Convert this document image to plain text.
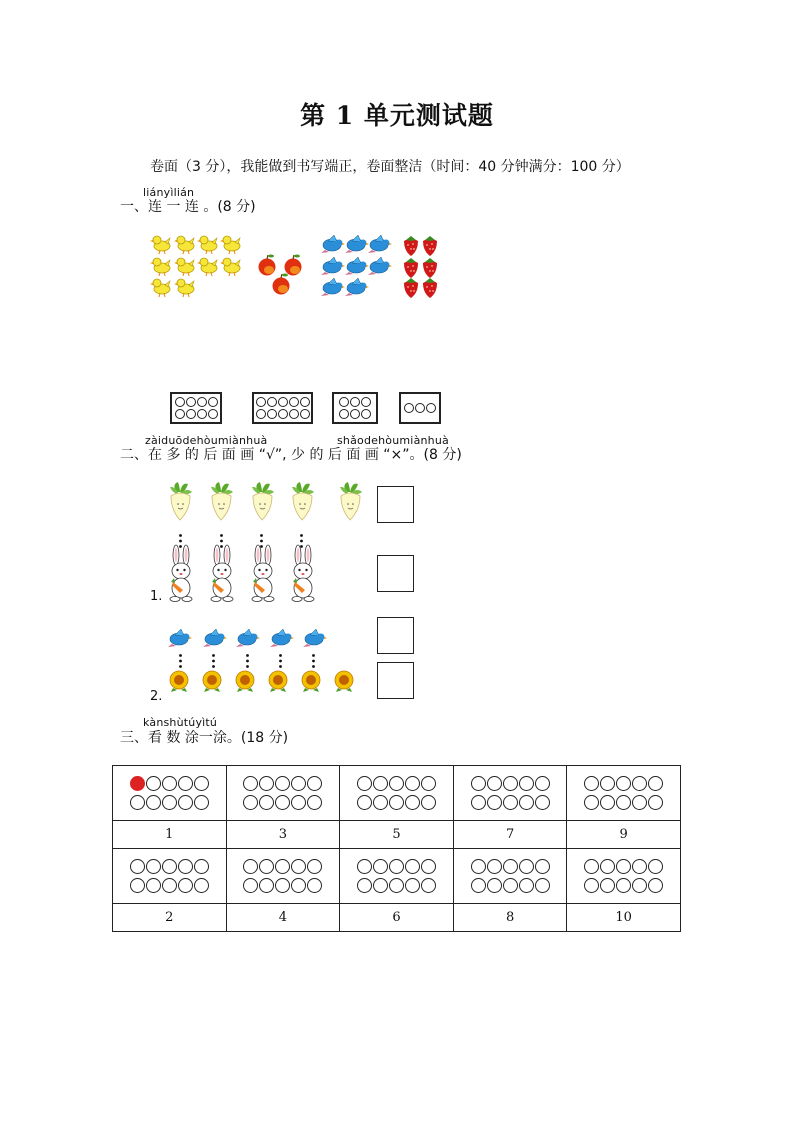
第 1 单元测试题
卷面（3 分），我能做到书写端正，卷面整洁（时间：40 分钟满分：100 分）
liányìlián
一、连 一 连 。(8 分)
zàiduōdehòumiànhuà	shǎodehòumiànhuà
二、在 多 的 后 面 画 “√”, 少 的 后 面 画 “×”。(8 分)
1.
2.
kànshùtúyìtú
三、看 数 涂一涂。(18 分)

1	3	5	7	9

2	4	6	8	10
